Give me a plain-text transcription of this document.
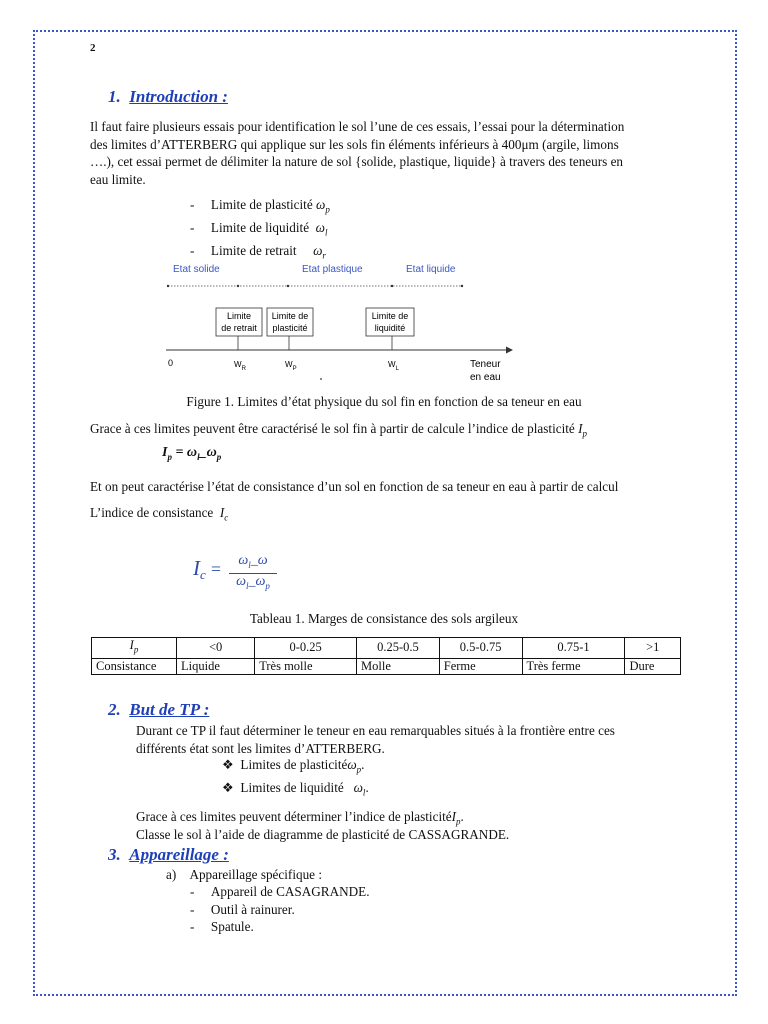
2
1. Introduction :
Il faut faire plusieurs essais pour identification le sol l’une de ces essais, l’essai pour la détermination
des limites d’ATTERBERG qui applique sur les sols fin éléments inférieurs à 400μm (argile, limons
….), cet essai permet de délimiter la nature de sol {solide, plastique, liquide} à travers des teneurs en
eau limite.
-     Limite de plasticité $\omega_p$
-     Limite de liquidité $\omega_l$
-     Limite de retrait $\omega_r$
Etat solide	Etat plastique	Etat liquide
Limite
de retrait
Limite de
plasticité
Limite de
liquidité
0	$W_R$	$W_P$	$W_L$	Teneur
en eau
Figure 1. Limites d’état physique du sol fin en fonction de sa teneur en eau
Grace à ces limites peuvent être caractérisé le sol fin à partir de calcule l’indice de plasticité $I_p$
$I_p$ = $\omega_l\_\omega_p$
Et on peut caractérise l’état de consistance d’un sol en fonction de sa teneur en eau à partir de calcul
L’indice de consistance $I_c$
$I_c = \frac{\omega_l\_\omega}{\omega_l\_\omega_p}$
Tableau 1. Marges de consistance des sols argileux
$I_p$	<0	0-0.25	0.25-0.5	0.5-0.75	0.75-1	>1
Consistance	Liquide	Très molle	Molle	Ferme	Très ferme	Dure
2. But de TP :
Durant ce TP il faut déterminer le teneur en eau remarquables situés à la frontière entre ces
différents état sont les limites d’ATTERBERG.
❖ Limites de plasticitéω$_p$.
❖ Limites de liquidité $\omega_l$.
Grace à ces limites peuvent déterminer l’indice de plasticitéI$_p$.
Classe le sol à l’aide de diagramme de plasticité de CASSAGRANDE.
3. Appareillage :
a) Appareillage spécifique :
-     Appareil de CASAGRANDE.
-     Outil à rainurer.
-     Spatule.
